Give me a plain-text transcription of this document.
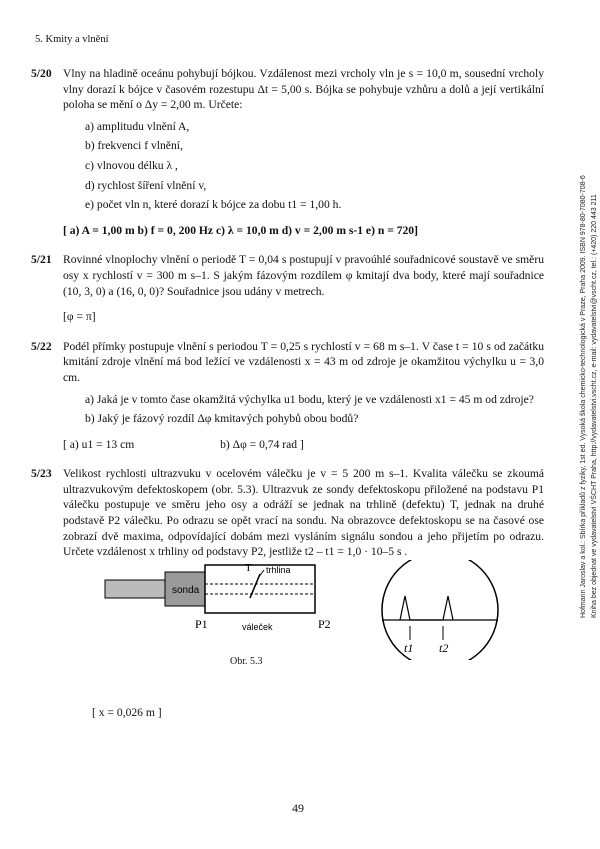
5. Kmity a vlnění
Hofmann Jaroslav a kol.: Sbírka příkladů z fyziky, 1st ed. Vysoká škola chemicko-technologická v Praze, Praha 2009. ISBN 978-80-7080-708-6 Kniha bez objednat ve vydavatelství VŠCHT Praha, http://vydavatelstvi.vscht.cz, e-mail: vydavatelstvi@vscht.cz, tel.: (+420) 220 443 211
5/20 Vlny na hladině oceánu pohybují bójkou. Vzdálenost mezi vrcholy vln je s = 10,0 m, sousední vrcholy vlny dorazí k bójce v časovém rozestupu Δt = 5,00 s. Bójka se pohybuje vzhůru a dolů a její vertikální poloha se mění o Δy = 2,00 m. Určete:
a) amplitudu vlnění A,
b) frekvenci f vlnění,
c) vlnovou délku λ ,
d) rychlost šíření vlnění v,
e) počet vln n, které dorazí k bójce za dobu t1 = 1,00 h.
[ a) A = 1,00 m b) f = 0, 200 Hz c) λ = 10,0 m d) v = 2,00 m s-1 e) n = 720]
5/21 Rovinné vlnoplochy vlnění o periodě T = 0,04 s postupují v pravoúhlé souřadnicové soustavě ve směru osy x rychlostí v = 300 m s–1. S jakým fázovým rozdílem φ kmitají dva body, které mají souřadnice (10, 3, 0) a (16, 0, 0)? Souřadnice jsou udány v metrech.
[φ = π]
5/22 Podél přímky postupuje vlnění s periodou T = 0,25 s rychlostí v = 68 m s–1. V čase t = 10 s od začátku kmitání zdroje vlnění má bod ležící ve vzdálenosti x = 43 m od zdroje je okamžitou výchylku u = 3,0 cm.
a) Jaká je v tomto čase okamžitá výchylka u1 bodu, který je ve vzdálenosti x1 = 45 m od zdroje?
b) Jaký je fázový rozdíl Δφ kmitavých pohybů obou bodů?
[ a) u1 = 13 cm	b) Δφ = 0,74 rad ]
5/23 Velikost rychlosti ultrazvuku v ocelovém válečku je v = 5 200 m s–1. Kvalita válečku se zkoumá ultrazvukovým defektoskopem (obr. 5.3). Ultrazvuk ze sondy defektoskopu přiložené na podstavu P1 válečku postupuje ve směru jeho osy a odráží se jednak na trhlině (defektu) T, jednak na druhé podstavě P2 válečku. Po odrazu se opět vrací na sondu. Na obrazovce defektoskopu se na časové ose zobrazí dvě maxima, odpovídající dobám mezi vysláním signálu sondou a jeho přijetím po odrazu. Určete vzdálenost x trhliny od podstavy P2, jestliže t2 – t1 = 1,0 · 10–5 s .
sonda
T trhlina
P1	P2
váleček
t1 t2
Obr. 5.3
[ x = 0,026 m ]
49
